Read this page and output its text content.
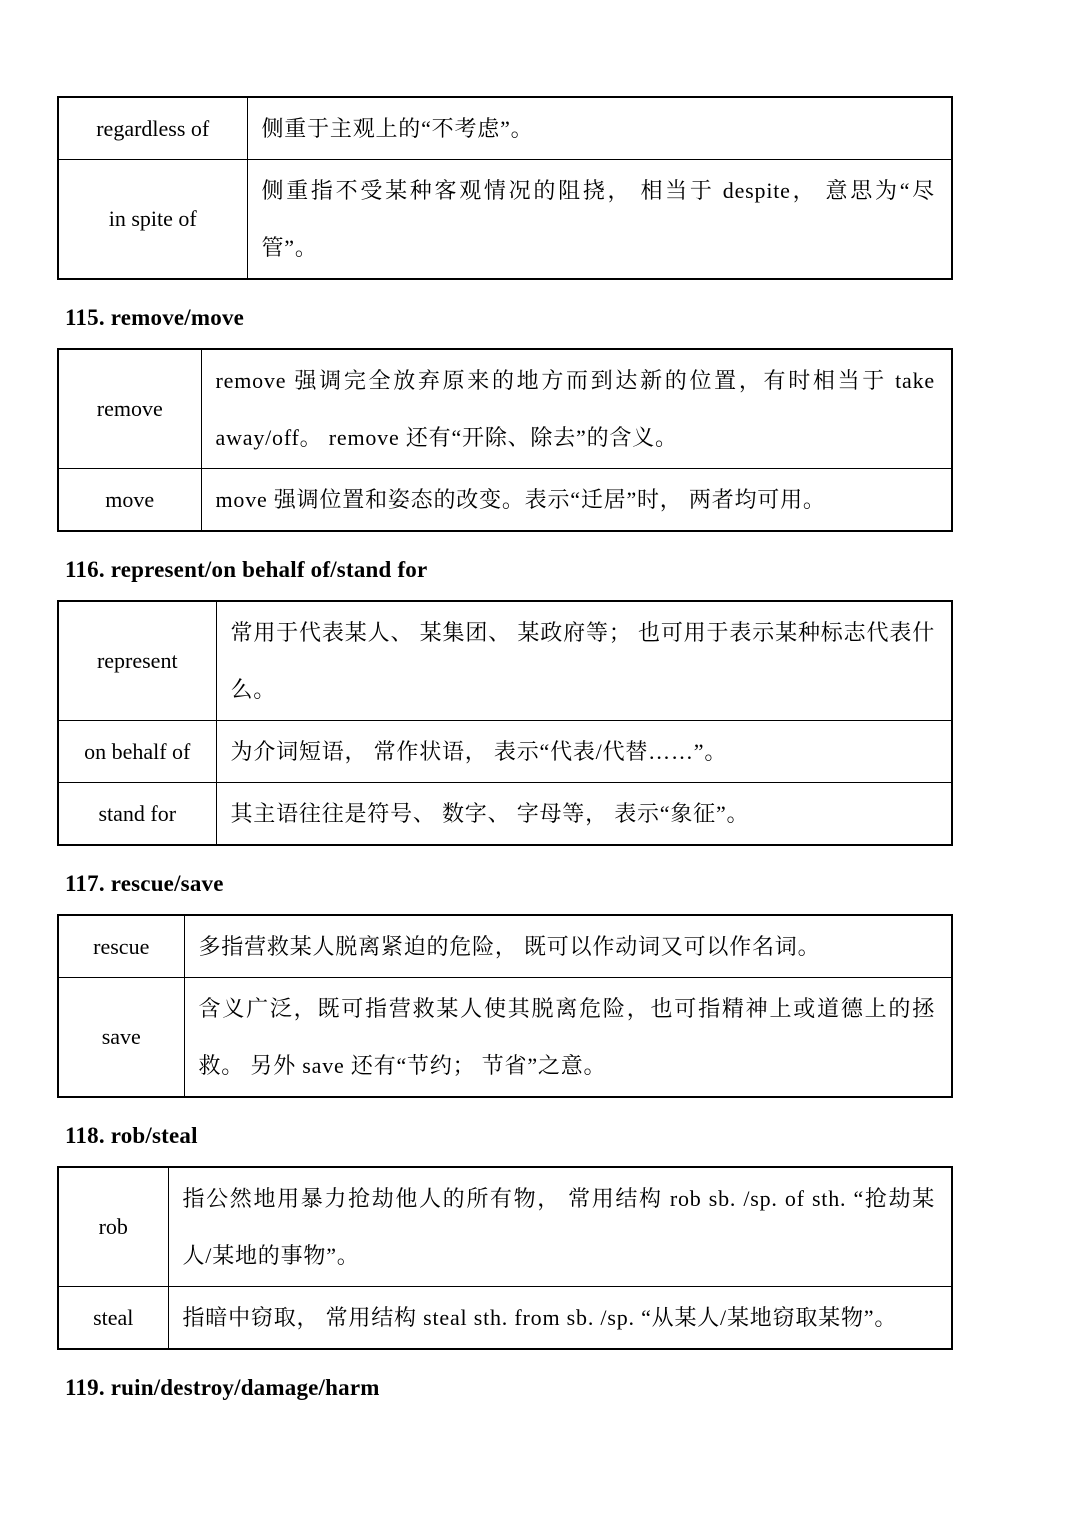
regardless of	侧重于主观上的“不考虑”。
in spite of	侧重指不受某种客观情况的阻挠， 相当于 despite， 意思为“尽管”。
115. remove/move
remove	remove 强调完全放弃原来的地方而到达新的位置，有时相当于 take away/off。 remove 还有“开除、除去”的含义。
move	move 强调位置和姿态的改变。表示“迁居”时， 两者均可用。
116. represent/on behalf of/stand for
represent	常用于代表某人、 某集团、 某政府等； 也可用于表示某种标志代表什么。
on behalf of	为介词短语， 常作状语， 表示“代表/代替……”。
stand for	其主语往往是符号、 数字、 字母等， 表示“象征”。
117. rescue/save
rescue	多指营救某人脱离紧迫的危险， 既可以作动词又可以作名词。
save	含义广泛，既可指营救某人使其脱离危险，也可指精神上或道德上的拯救。 另外 save 还有“节约； 节省”之意。
118. rob/steal
rob	指公然地用暴力抢劫他人的所有物， 常用结构 rob sb. /sp. of sth. “抢劫某人/某地的事物”。
steal	指暗中窃取， 常用结构 steal sth. from sb. /sp. “从某人/某地窃取某物”。
119. ruin/destroy/damage/harm
